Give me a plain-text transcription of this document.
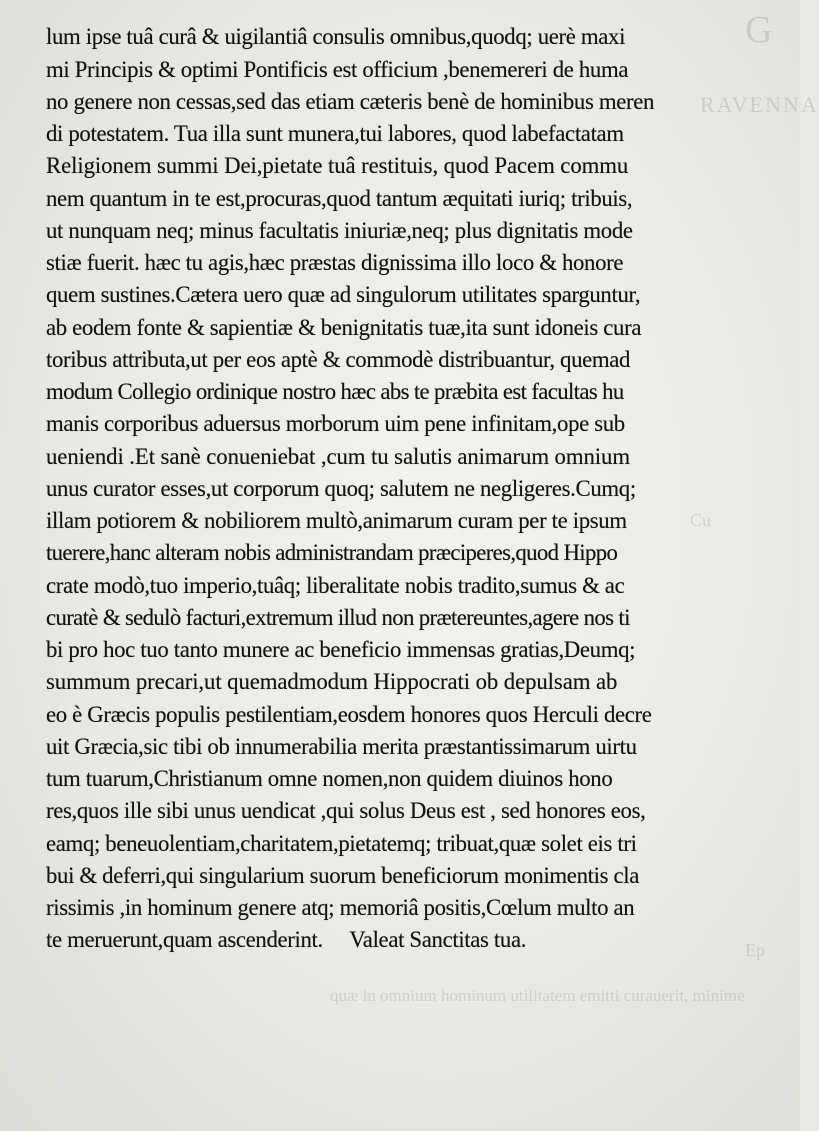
G
RAVENNA
Cu
Ep
quæ in omnium hominum utilitatem emitti curauerit, minime
lum ipse tuâ curâ & uigilantiâ consulis omnibus,quodq; uerè maxi
mi Principis & optimi Pontificis est officium ,benemereri de huma
no genere non cessas,sed das etiam cæteris benè de hominibus meren
di potestatem. Tua illa sunt munera,tui labores, quod labefactatam
Religionem summi Dei,pietate tuâ restituis, quod Pacem commu
nem quantum in te est,procuras,quod tantum æquitati iuriq; tribuis,
ut nunquam neq; minus facultatis iniuriæ,neq; plus dignitatis mode
stiæ fuerit. hæc tu agis,hæc præstas dignissima illo loco & honore
quem sustines.Cætera uero quæ ad singulorum utilitates sparguntur,
ab eodem fonte & sapientiæ & benignitatis tuæ,ita sunt idoneis cura
toribus attributa,ut per eos aptè & commodè distribuantur, quemad
modum Collegio ordinique nostro hæc abs te præbita est facultas hu
manis corporibus aduersus morborum uim pene infinitam,ope sub
ueniendi .Et sanè conueniebat ,cum tu salutis animarum omnium
unus curator esses,ut corporum quoq; salutem ne negligeres.Cumq;
illam potiorem & nobiliorem multò,animarum curam per te ipsum
tuerere,hanc alteram nobis administrandam præciperes,quod Hippo
crate modò,tuo imperio,tuâq; liberalitate nobis tradito,sumus & ac
curatè & sedulò facturi,extremum illud non prætereuntes,agere nos ti
bi pro hoc tuo tanto munere ac beneficio immensas gratias,Deumq;
summum precari,ut quemadmodum Hippocrati ob depulsam ab
eo è Græcis populis pestilentiam,eosdem honores quos Herculi decre
uit Græcia,sic tibi ob innumerabilia merita præstantissimarum uirtu
tum tuarum,Christianum omne nomen,non quidem diuinos hono
res,quos ille sibi unus uendicat ,qui solus Deus est , sed honores eos,
eamq; beneuolentiam,charitatem,pietatemq; tribuat,quæ solet eis tri
bui & deferri,qui singularium suorum beneficiorum monimentis cla
rissimis ,in hominum genere atq; memoriâ positis,Cœlum multo an
te meruerunt,quam ascenderint.     Valeat Sanctitas tua.
